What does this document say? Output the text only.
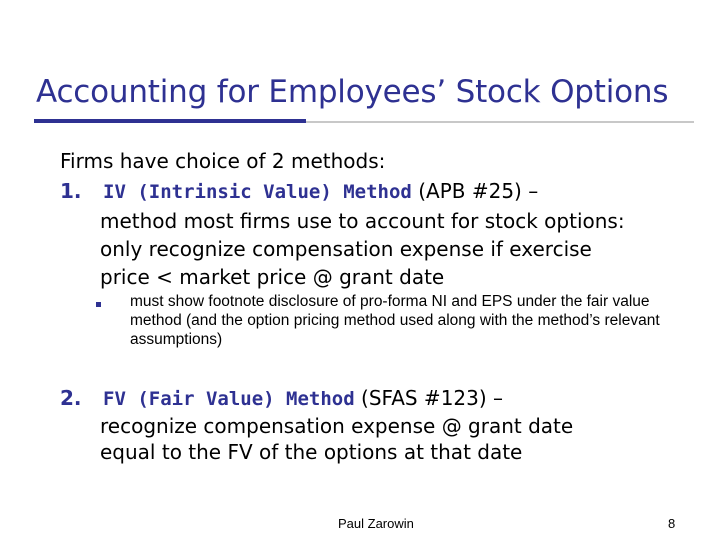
Accounting for Employees’ Stock Options
Firms have choice of 2 methods:
1. IV (Intrinsic Value) Method (APB #25) –
method most firms use to account for stock options:
only recognize compensation expense if exercise
price < market price @ grant date
must show footnote disclosure of pro-forma NI and EPS under the fair value method (and the option pricing method used along with the method’s relevant assumptions)
2. FV (Fair Value) Method (SFAS #123) –
recognize compensation expense @ grant date
equal to the FV of the options at that date
Paul Zarowin	8
